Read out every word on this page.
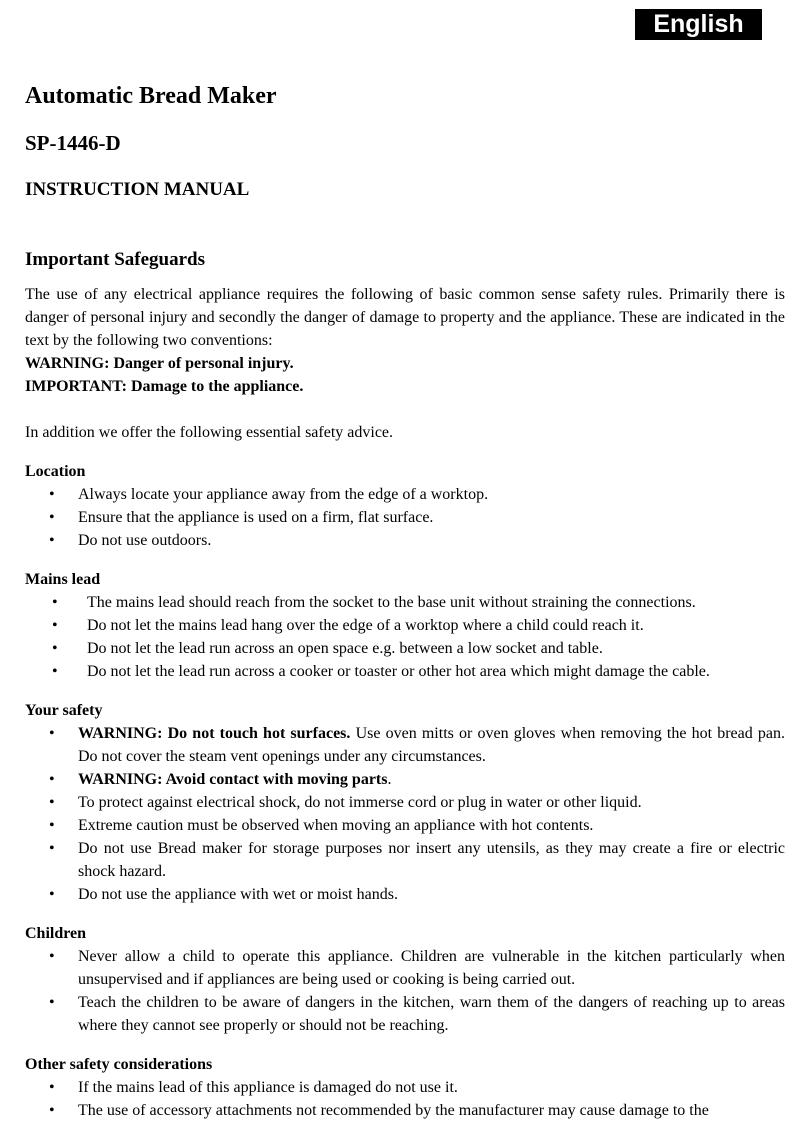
English
Automatic Bread Maker
SP-1446-D
INSTRUCTION MANUAL
Important Safeguards

The use of any electrical appliance requires the following of basic common sense safety rules. Primarily there is danger of personal injury and secondly the danger of damage to property and the appliance. These are indicated in the text by the following two conventions:

WARNING: Danger of personal injury.
IMPORTANT: Damage to the appliance.

In addition we offer the following essential safety advice.

Location
• Always locate your appliance away from the edge of a worktop.
• Ensure that the appliance is used on a firm, flat surface.
• Do not use outdoors.
Mains lead
• The mains lead should reach from the socket to the base unit without straining the connections.
• Do not let the mains lead hang over the edge of a worktop where a child could reach it.
• Do not let the lead run across an open space e.g. between a low socket and table.
• Do not let the lead run across a cooker or toaster or other hot area which might damage the cable.
Your safety
• WARNING: Do not touch hot surfaces. Use oven mitts or oven gloves when removing the hot bread pan. Do not cover the steam vent openings under any circumstances.
• WARNING: Avoid contact with moving parts.
• To protect against electrical shock, do not immerse cord or plug in water or other liquid.
• Extreme caution must be observed when moving an appliance with hot contents.
• Do not use Bread maker for storage purposes nor insert any utensils, as they may create a fire or electric shock hazard.
• Do not use the appliance with wet or moist hands.
Children
• Never allow a child to operate this appliance. Children are vulnerable in the kitchen particularly when unsupervised and if appliances are being used or cooking is being carried out.
• Teach the children to be aware of dangers in the kitchen, warn them of the dangers of reaching up to areas where they cannot see properly or should not be reaching.
Other safety considerations
• If the mains lead of this appliance is damaged do not use it.
• The use of accessory attachments not recommended by the manufacturer may cause damage to the
